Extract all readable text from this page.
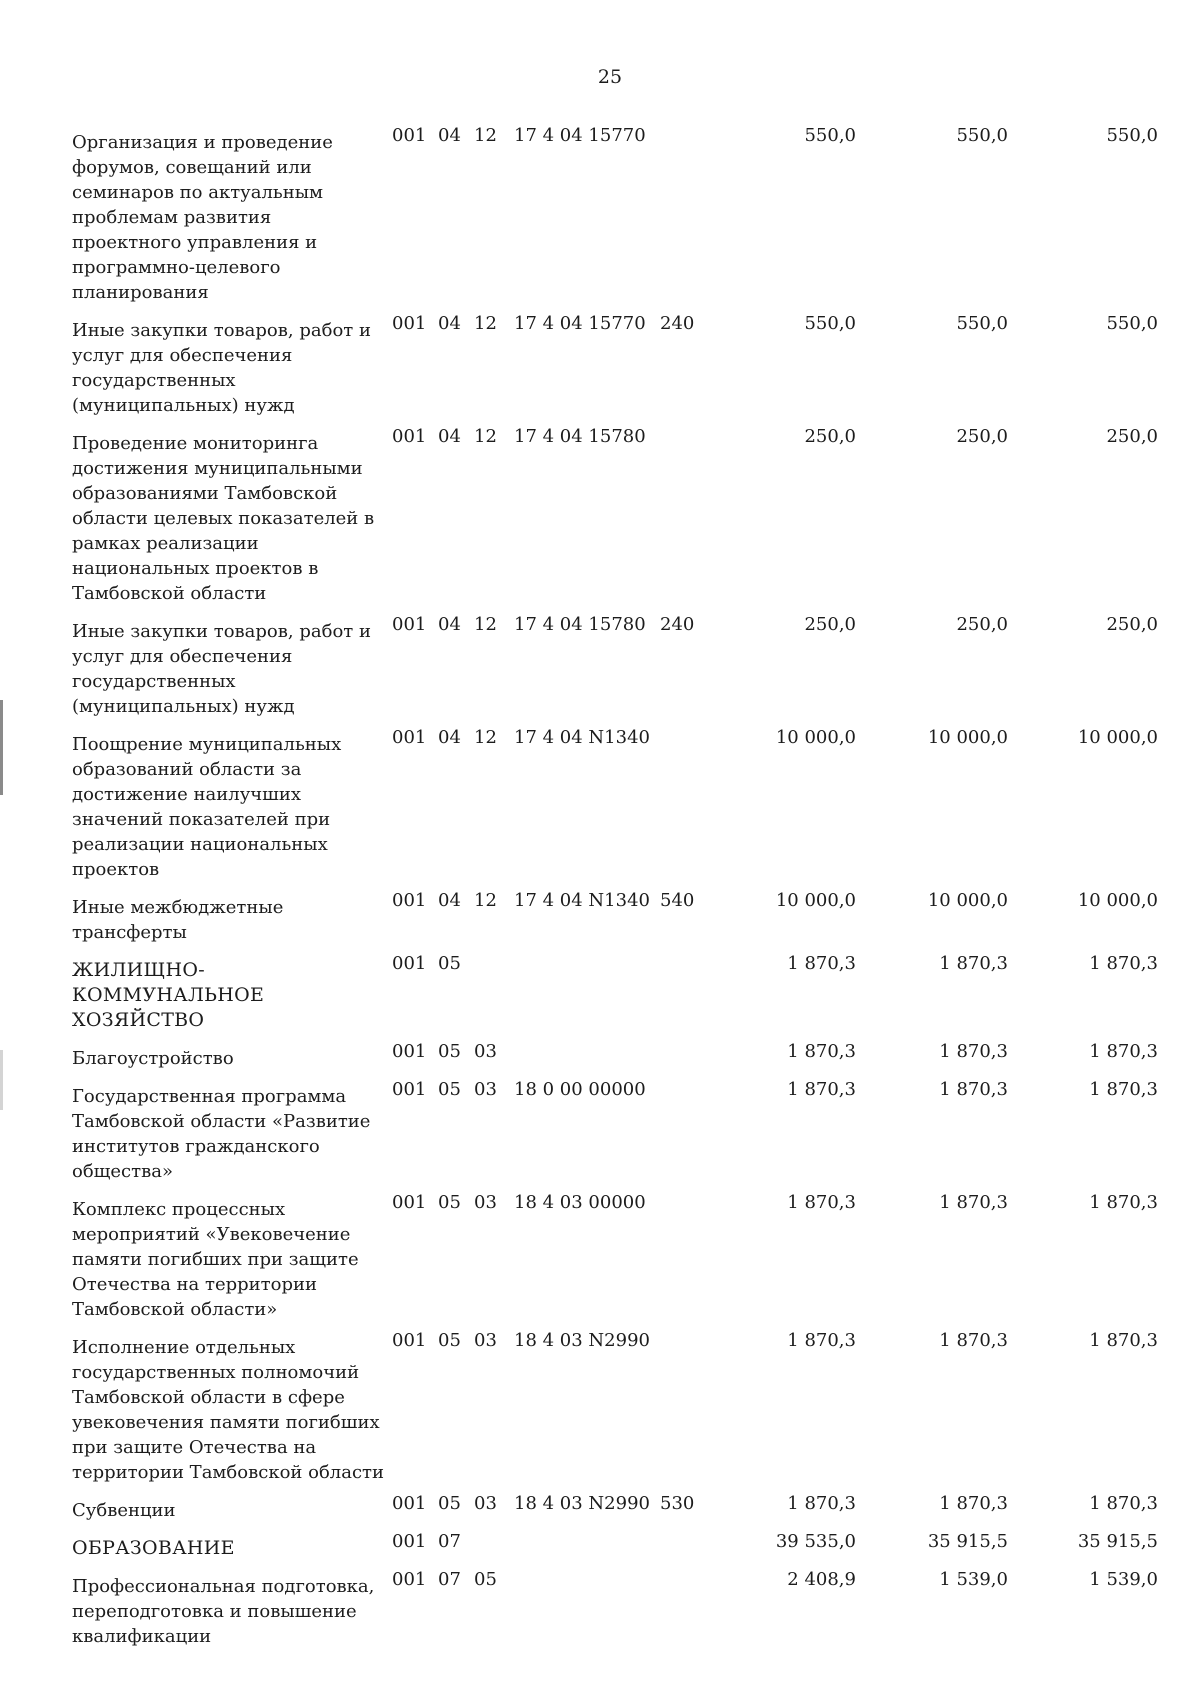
25
Организация и проведение форумов, совещаний или семинаров по актуальным проблемам развития проектного управления и программно-целевого планирования	001	04	12	17 4 04 15770		550,0	550,0	550,0
Иные закупки товаров, работ и услуг для обеспечения государственных (муниципальных) нужд	001	04	12	17 4 04 15770	240	550,0	550,0	550,0
Проведение мониторинга достижения муниципальными образованиями Тамбовской области целевых показателей в рамках реализации национальных проектов в Тамбовской области	001	04	12	17 4 04 15780		250,0	250,0	250,0
Иные закупки товаров, работ и услуг для обеспечения государственных (муниципальных) нужд	001	04	12	17 4 04 15780	240	250,0	250,0	250,0
Поощрение муниципальных образований области за достижение наилучших значений показателей при реализации национальных проектов	001	04	12	17 4 04 N1340		10 000,0	10 000,0	10 000,0
Иные межбюджетные трансферты	001	04	12	17 4 04 N1340	540	10 000,0	10 000,0	10 000,0
ЖИЛИЩНО-КОММУНАЛЬНОЕ ХОЗЯЙСТВО	001	05				1 870,3	1 870,3	1 870,3
Благоустройство	001	05	03			1 870,3	1 870,3	1 870,3
Государственная программа Тамбовской области «Развитие институтов гражданского общества»	001	05	03	18 0 00 00000		1 870,3	1 870,3	1 870,3
Комплекс процессных мероприятий «Увековечение памяти погибших при защите Отечества на территории Тамбовской области»	001	05	03	18 4 03 00000		1 870,3	1 870,3	1 870,3
Исполнение отдельных государственных полномочий Тамбовской области в сфере увековечения памяти погибших при защите Отечества на территории Тамбовской области	001	05	03	18 4 03 N2990		1 870,3	1 870,3	1 870,3
Субвенции	001	05	03	18 4 03 N2990	530	1 870,3	1 870,3	1 870,3
ОБРАЗОВАНИЕ	001	07				39 535,0	35 915,5	35 915,5
Профессиональная подготовка, переподготовка и повышение квалификации	001	07	05			2 408,9	1 539,0	1 539,0
